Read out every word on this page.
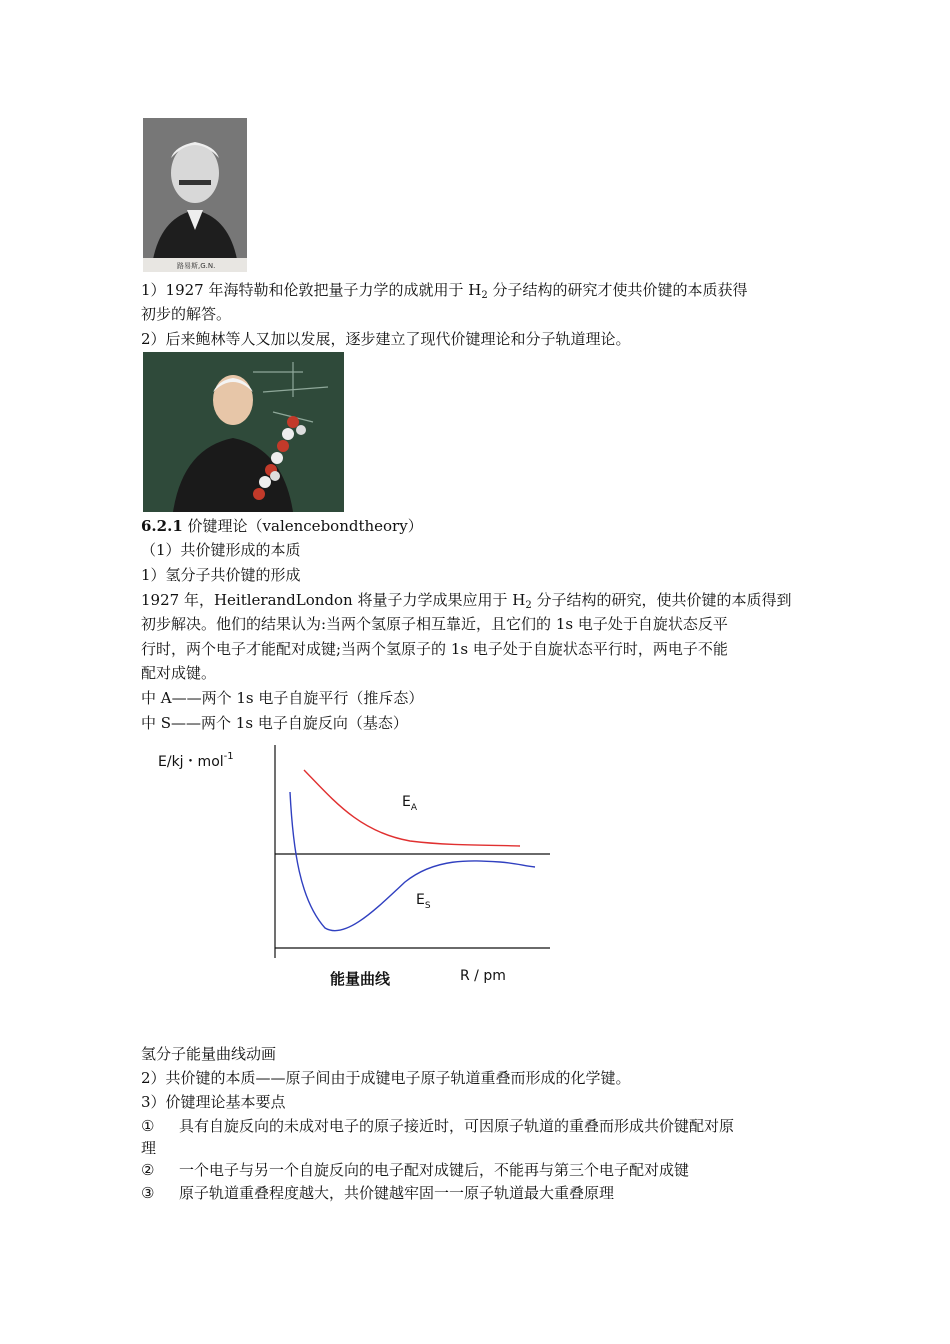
路易斯,G.N.
1）1927 年海特勒和伦敦把量子力学的成就用于 $H_2$ 分子结构的研究才使共价键的本质获得
初步的解答。
2）后来鲍林等人又加以发展，逐步建立了现代价键理论和分子轨道理论。
6.2.1 价键理论（valencebondtheory）
（1）共价键形成的本质
1）氢分子共价键的形成
1927 年，HeitlerandLondon 将量子力学成果应用于 $H_2$ 分子结构的研究，使共价键的本质得到
初步解决。他们的结果认为:当两个氢原子相互靠近，且它们的 1s 电子处于自旋状态反平
行时，两个电子才能配对成键;当两个氢原子的 1s 电子处于自旋状态平行时，两电子不能
配对成键。
中 A——两个 1s 电子自旋平行（推斥态）
中 S——两个 1s 电子自旋反向（基态）
E/kj・mol$^{-1}$
$E_A$
$E_S$
能量曲线	R / pm
氢分子能量曲线动画
2）共价键的本质——原子间由于成键电子原子轨道重叠而形成的化学键。
3）价键理论基本要点
① 具有自旋反向的未成对电子的原子接近时，可因原子轨道的重叠而形成共价键配对原
理
② 一个电子与另一个自旋反向的电子配对成键后，不能再与第三个电子配对成键
③ 原子轨道重叠程度越大，共价键越牢固一一原子轨道最大重叠原理
